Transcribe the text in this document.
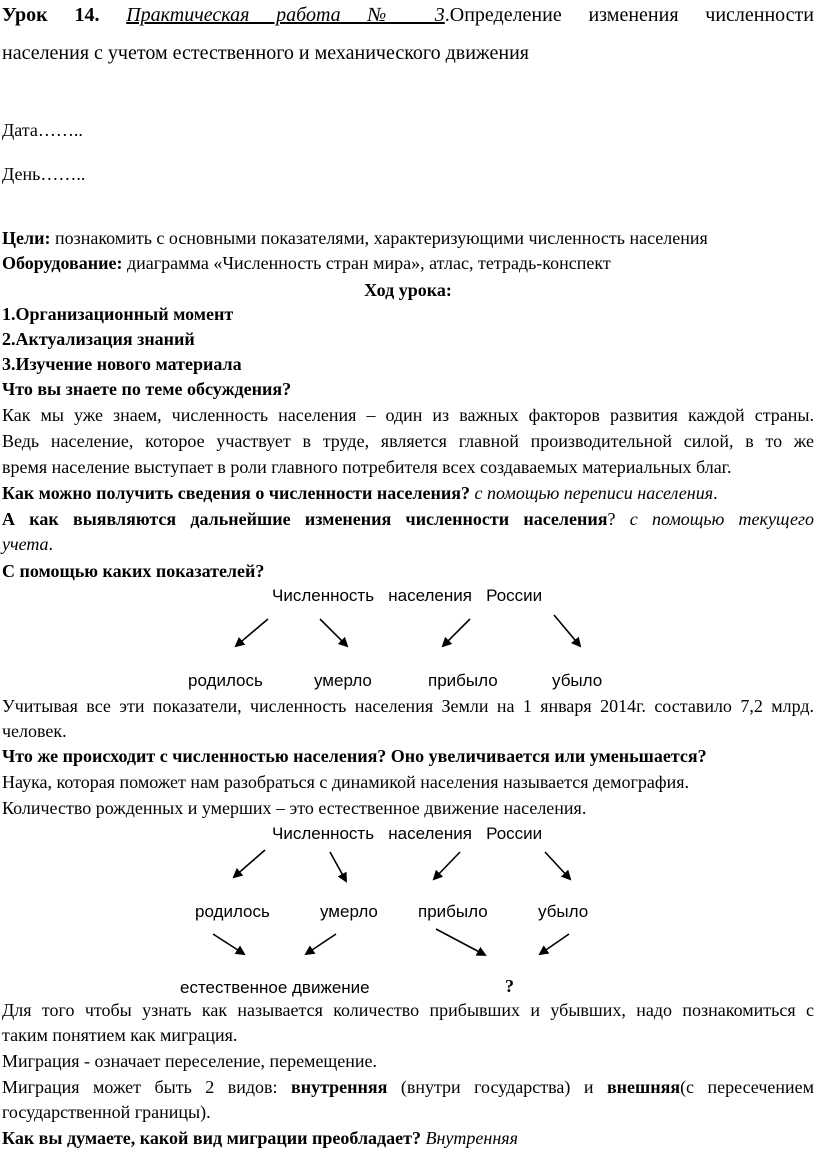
Урок 14. Практическая работа № 3.Определение изменения численности
населения с учетом естественного и механического движения
Дата……..
День……..
Цели: познакомить с основными показателями, характеризующими численность населения
Оборудование: диаграмма «Численность стран мира», атлас, тетрадь-конспект
Ход урока:
1.Организационный момент
2.Актуализация знаний
3.Изучение нового материала
Что вы знаете по теме обсуждения?
Как мы уже знаем, численность населения – один из важных факторов развития каждой страны.
Ведь население, которое участвует в труде, является главной производительной силой, в то же
время население выступает в роли главного потребителя всех создаваемых материальных благ.
Как можно получить сведения о численности населения? с помощью переписи населения.
А как выявляются дальнейшие изменения численности населения? с помощью текущего
учета.
С помощью каких показателей?
Численность   населения   России
родилось	умерло	прибыло	убыло
Учитывая все эти показатели, численность населения Земли на 1 января 2014г. составило 7,2 млрд.
человек.
Что же происходит с численностью населения? Оно увеличивается или уменьшается?
Наука, которая поможет нам разобраться с динамикой населения называется демография.
Количество рожденных и умерших – это естественное движение населения.
Численность   населения   России
родилось	умерло прибыло	убыло
естественное движение	?
Для того чтобы узнать как называется количество прибывших и убывших, надо познакомиться с
таким понятием как миграция.
Миграция - означает переселение, перемещение.
Миграция может быть 2 видов: внутренняя (внутри государства) и внешняя(с пересечением
государственной границы).
Как вы думаете, какой вид миграции преобладает? Внутренняя
